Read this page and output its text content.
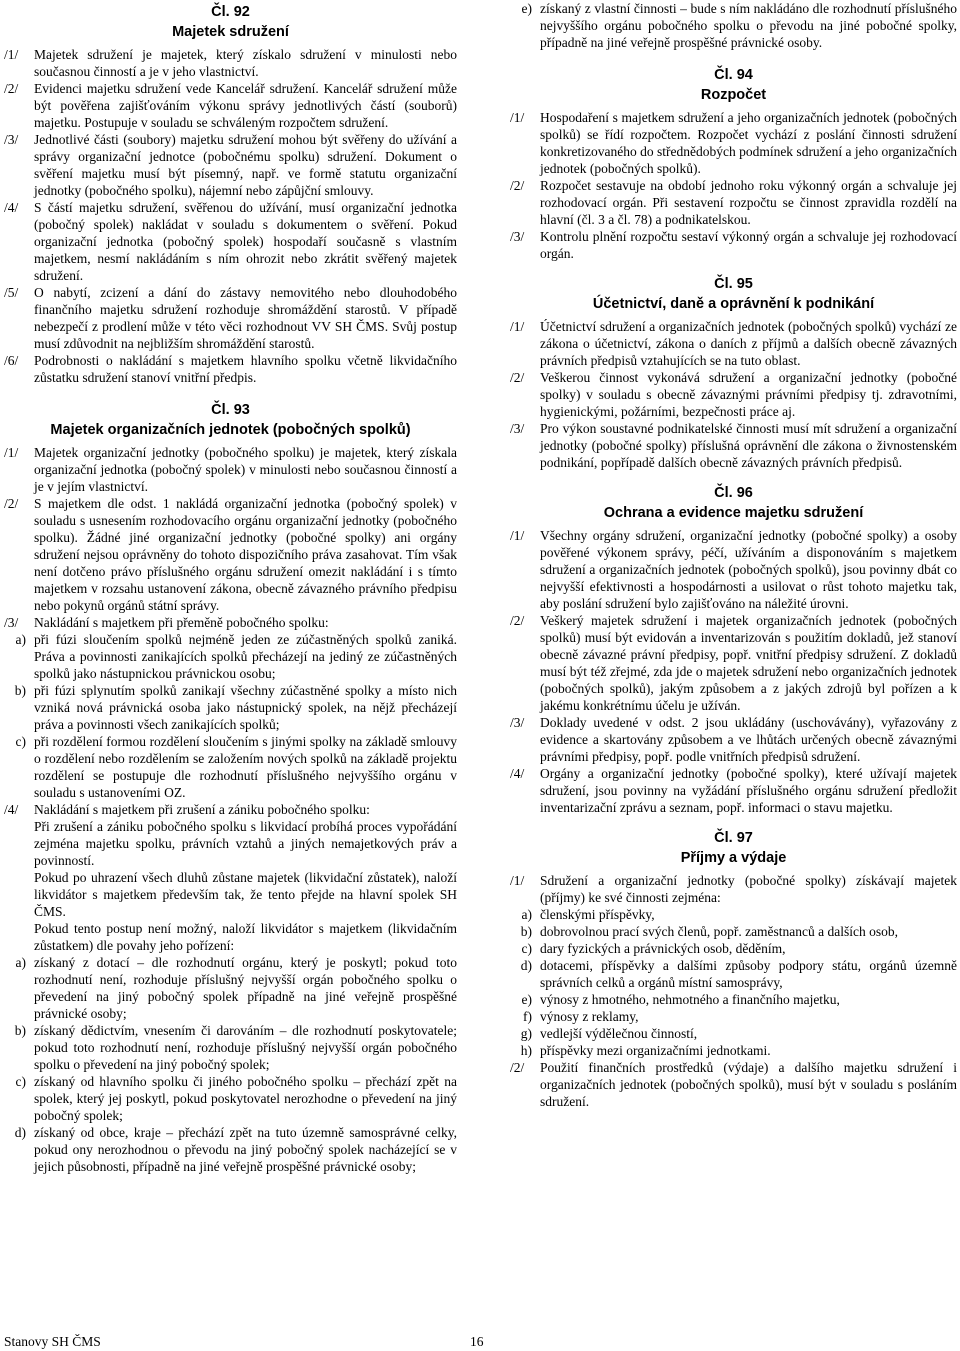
Čl. 92
Majetek sdružení
/1/	Majetek sdružení je majetek, který získalo sdružení v minulosti nebo současnou činností a je v jeho vlastnictví.
/2/	Evidenci majetku sdružení vede Kancelář sdružení. Kancelář sdružení může být pověřena zajišťováním výkonu správy jednotlivých částí (souborů) majetku. Postupuje v souladu se schváleným rozpočtem sdružení.
/3/	Jednotlivé části (soubory) majetku sdružení mohou být svěřeny do užívání a správy organizační jednotce (pobočnému spolku) sdružení. Dokument o svěření majetku musí být písemný, např. ve formě statutu organizační jednotky (pobočného spolku), nájemní nebo zápůjční smlouvy.
/4/	S částí majetku sdružení, svěřenou do užívání, musí organizační jednotka (pobočný spolek) nakládat v souladu s dokumentem o svěření. Pokud organizační jednotka (pobočný spolek) hospodaří současně s vlastním majetkem, nesmí nakládáním s ním ohrozit nebo zkrátit svěřený majetek sdružení.
/5/	O nabytí, zcizení a dání do zástavy nemovitého nebo dlouhodobého finančního majetku sdružení rozhoduje shromáždění starostů. V případě nebezpečí z prodlení může v této věci rozhodnout VV SH ČMS. Svůj postup musí zdůvodnit na nejbližším shromáždění starostů.
/6/	Podrobnosti o nakládání s majetkem hlavního spolku včetně likvidačního zůstatku sdružení stanoví vnitřní předpis.
Čl. 93
Majetek organizačních jednotek (pobočných spolků)
/1/	Majetek organizační jednotky (pobočného spolku) je majetek, který získala organizační jednotka (pobočný spolek) v minulosti nebo současnou činností a je v jejím vlastnictví.
/2/	S majetkem dle odst. 1 nakládá organizační jednotka (pobočný spolek) v souladu s usnesením rozhodovacího orgánu organizační jednotky (pobočného spolku). Žádné jiné organizační jednotky (pobočné spolky) ani orgány sdružení nejsou oprávněny do tohoto dispozičního práva zasahovat. Tím však není dotčeno právo příslušného orgánu sdružení omezit nakládání i s tímto majetkem v rozsahu ustanovení zákona, obecně závazného právního předpisu nebo pokynů orgánů státní správy.
/3/	Nakládání s majetkem při přeměně pobočného spolku:
a) při fúzi sloučením spolků nejméně jeden ze zúčastněných spolků zaniká. Práva a povinnosti zanikajících spolků přecházejí na jediný ze zúčastněných spolků jako nástupnickou právnickou osobu;
b) při fúzi splynutím spolků zanikají všechny zúčastněné spolky a místo nich vzniká nová právnická osoba jako nástupnický spolek, na nějž přecházejí práva a povinnosti všech zanikajících spolků;
c) při rozdělení formou rozdělení sloučením s jinými spolky na základě smlouvy o rozdělení nebo rozdělením se založením nových spolků na základě projektu rozdělení se postupuje dle rozhodnutí příslušného nejvyššího orgánu v souladu s ustanoveními OZ.
/4/	Nakládání s majetkem při zrušení a zániku pobočného spolku:
Při zrušení a zániku pobočného spolku s likvidací probíhá proces vypořádání zejména majetku spolku, právních vztahů a jiných nemajetkových práv a povinností.
Pokud po uhrazení všech dluhů zůstane majetek (likvidační zůstatek), naloží likvidátor s majetkem především tak, že tento přejde na hlavní spolek SH ČMS.
Pokud tento postup není možný, naloží likvidátor s majetkem (likvidačním zůstatkem) dle povahy jeho pořízení:
a) získaný z dotací – dle rozhodnutí orgánu, který je poskytl; pokud toto rozhodnutí není, rozhoduje příslušný nejvyšší orgán pobočného spolku o převedení na jiný pobočný spolek případně na jiné veřejně prospěšné právnické osoby;
b) získaný dědictvím, vnesením či darováním – dle rozhodnutí poskytovatele; pokud toto rozhodnutí není, rozhoduje příslušný nejvyšší orgán pobočného spolku o převedení na jiný pobočný spolek;
c) získaný od hlavního spolku či jiného pobočného spolku – přechází zpět na spolek, který jej poskytl, pokud poskytovatel nerozhodne o převedení na jiný pobočný spolek;
d) získaný od obce, kraje – přechází zpět na tuto územně samosprávné celky, pokud ony nerozhodnou o převodu na jiný pobočný spolek nacházející se v jejich působnosti, případně na jiné veřejně prospěšné právnické osoby;
e) získaný z vlastní činnosti – bude s ním nakládáno dle rozhodnutí příslušného nejvyššího orgánu pobočného spolku o převodu na jiné pobočné spolky, případně na jiné veřejně prospěšné právnické osoby.
Čl. 94
Rozpočet
/1/	Hospodaření s majetkem sdružení a jeho organizačních jednotek (pobočných spolků) se řídí rozpočtem. Rozpočet vychází z poslání činnosti sdružení konkretizovaného do střednědobých podmínek sdružení a jeho organizačních jednotek (pobočných spolků).
/2/	Rozpočet sestavuje na období jednoho roku výkonný orgán a schvaluje jej rozhodovací orgán. Při sestavení rozpočtu se činnost zpravidla rozdělí na hlavní (čl. 3 a čl. 78) a podnikatelskou.
/3/	Kontrolu plnění rozpočtu sestaví výkonný orgán a schvaluje jej rozhodovací orgán.
Čl. 95
Účetnictví, daně a oprávnění k podnikání
/1/	Účetnictví sdružení a organizačních jednotek (pobočných spolků) vychází ze zákona o účetnictví, zákona o daních z příjmů a dalších obecně závazných právních předpisů vztahujících se na tuto oblast.
/2/	Veškerou činnost vykonává sdružení a organizační jednotky (pobočné spolky) v souladu s obecně závaznými právními předpisy tj. zdravotními, hygienickými, požárními, bezpečnosti práce aj.
/3/	Pro výkon soustavné podnikatelské činnosti musí mít sdružení a organizační jednotky (pobočné spolky) příslušná oprávnění dle zákona o živnostenském podnikání, popřípadě dalších obecně závazných právních předpisů.
Čl. 96
Ochrana a evidence majetku sdružení
/1/	Všechny orgány sdružení, organizační jednotky (pobočné spolky) a osoby pověřené výkonem správy, péčí, užíváním a disponováním s majetkem sdružení a organizačních jednotek (pobočných spolků), jsou povinny dbát co nejvyšší efektivnosti a hospodárnosti a usilovat o růst tohoto majetku tak, aby poslání sdružení bylo zajišťováno na náležité úrovni.
/2/	Veškerý majetek sdružení i majetek organizačních jednotek (pobočných spolků) musí být evidován a inventarizován s použitím dokladů, jež stanoví obecně závazné právní předpisy, popř. vnitřní předpisy sdružení. Z dokladů musí být též zřejmé, zda jde o majetek sdružení nebo organizačních jednotek (pobočných spolků), jakým způsobem a z jakých zdrojů byl pořízen a k jakému konkrétnímu účelu je užíván.
/3/	Doklady uvedené v odst. 2 jsou ukládány (uschovávány), vyřazovány z evidence a skartovány způsobem a ve lhůtách určených obecně závaznými právními předpisy, popř. podle vnitřních předpisů sdružení.
/4/	Orgány a organizační jednotky (pobočné spolky), které užívají majetek sdružení, jsou povinny na vyžádání příslušného orgánu sdružení předložit inventarizační zprávu a seznam, popř. informaci o stavu majetku.
Čl. 97
Příjmy a výdaje
/1/	Sdružení a organizační jednotky (pobočné spolky) získávají majetek (příjmy) ke své činnosti zejména:
a) členskými příspěvky,
b) dobrovolnou prací svých členů, popř. zaměstnanců a dalších osob,
c) dary fyzických a právnických osob, děděním,
d) dotacemi, příspěvky a dalšími způsoby podpory státu, orgánů územně správních celků a orgánů místní samosprávy,
e) výnosy z hmotného, nehmotného a finančního majetku,
f) výnosy z reklamy,
g) vedlejší výdělečnou činností,
h) příspěvky mezi organizačními jednotkami.
/2/	Použití finančních prostředků (výdaje) a dalšího majetku sdružení i organizačních jednotek (pobočných spolků), musí být v souladu s posláním sdružení.
Stanovy SH ČMS	16
